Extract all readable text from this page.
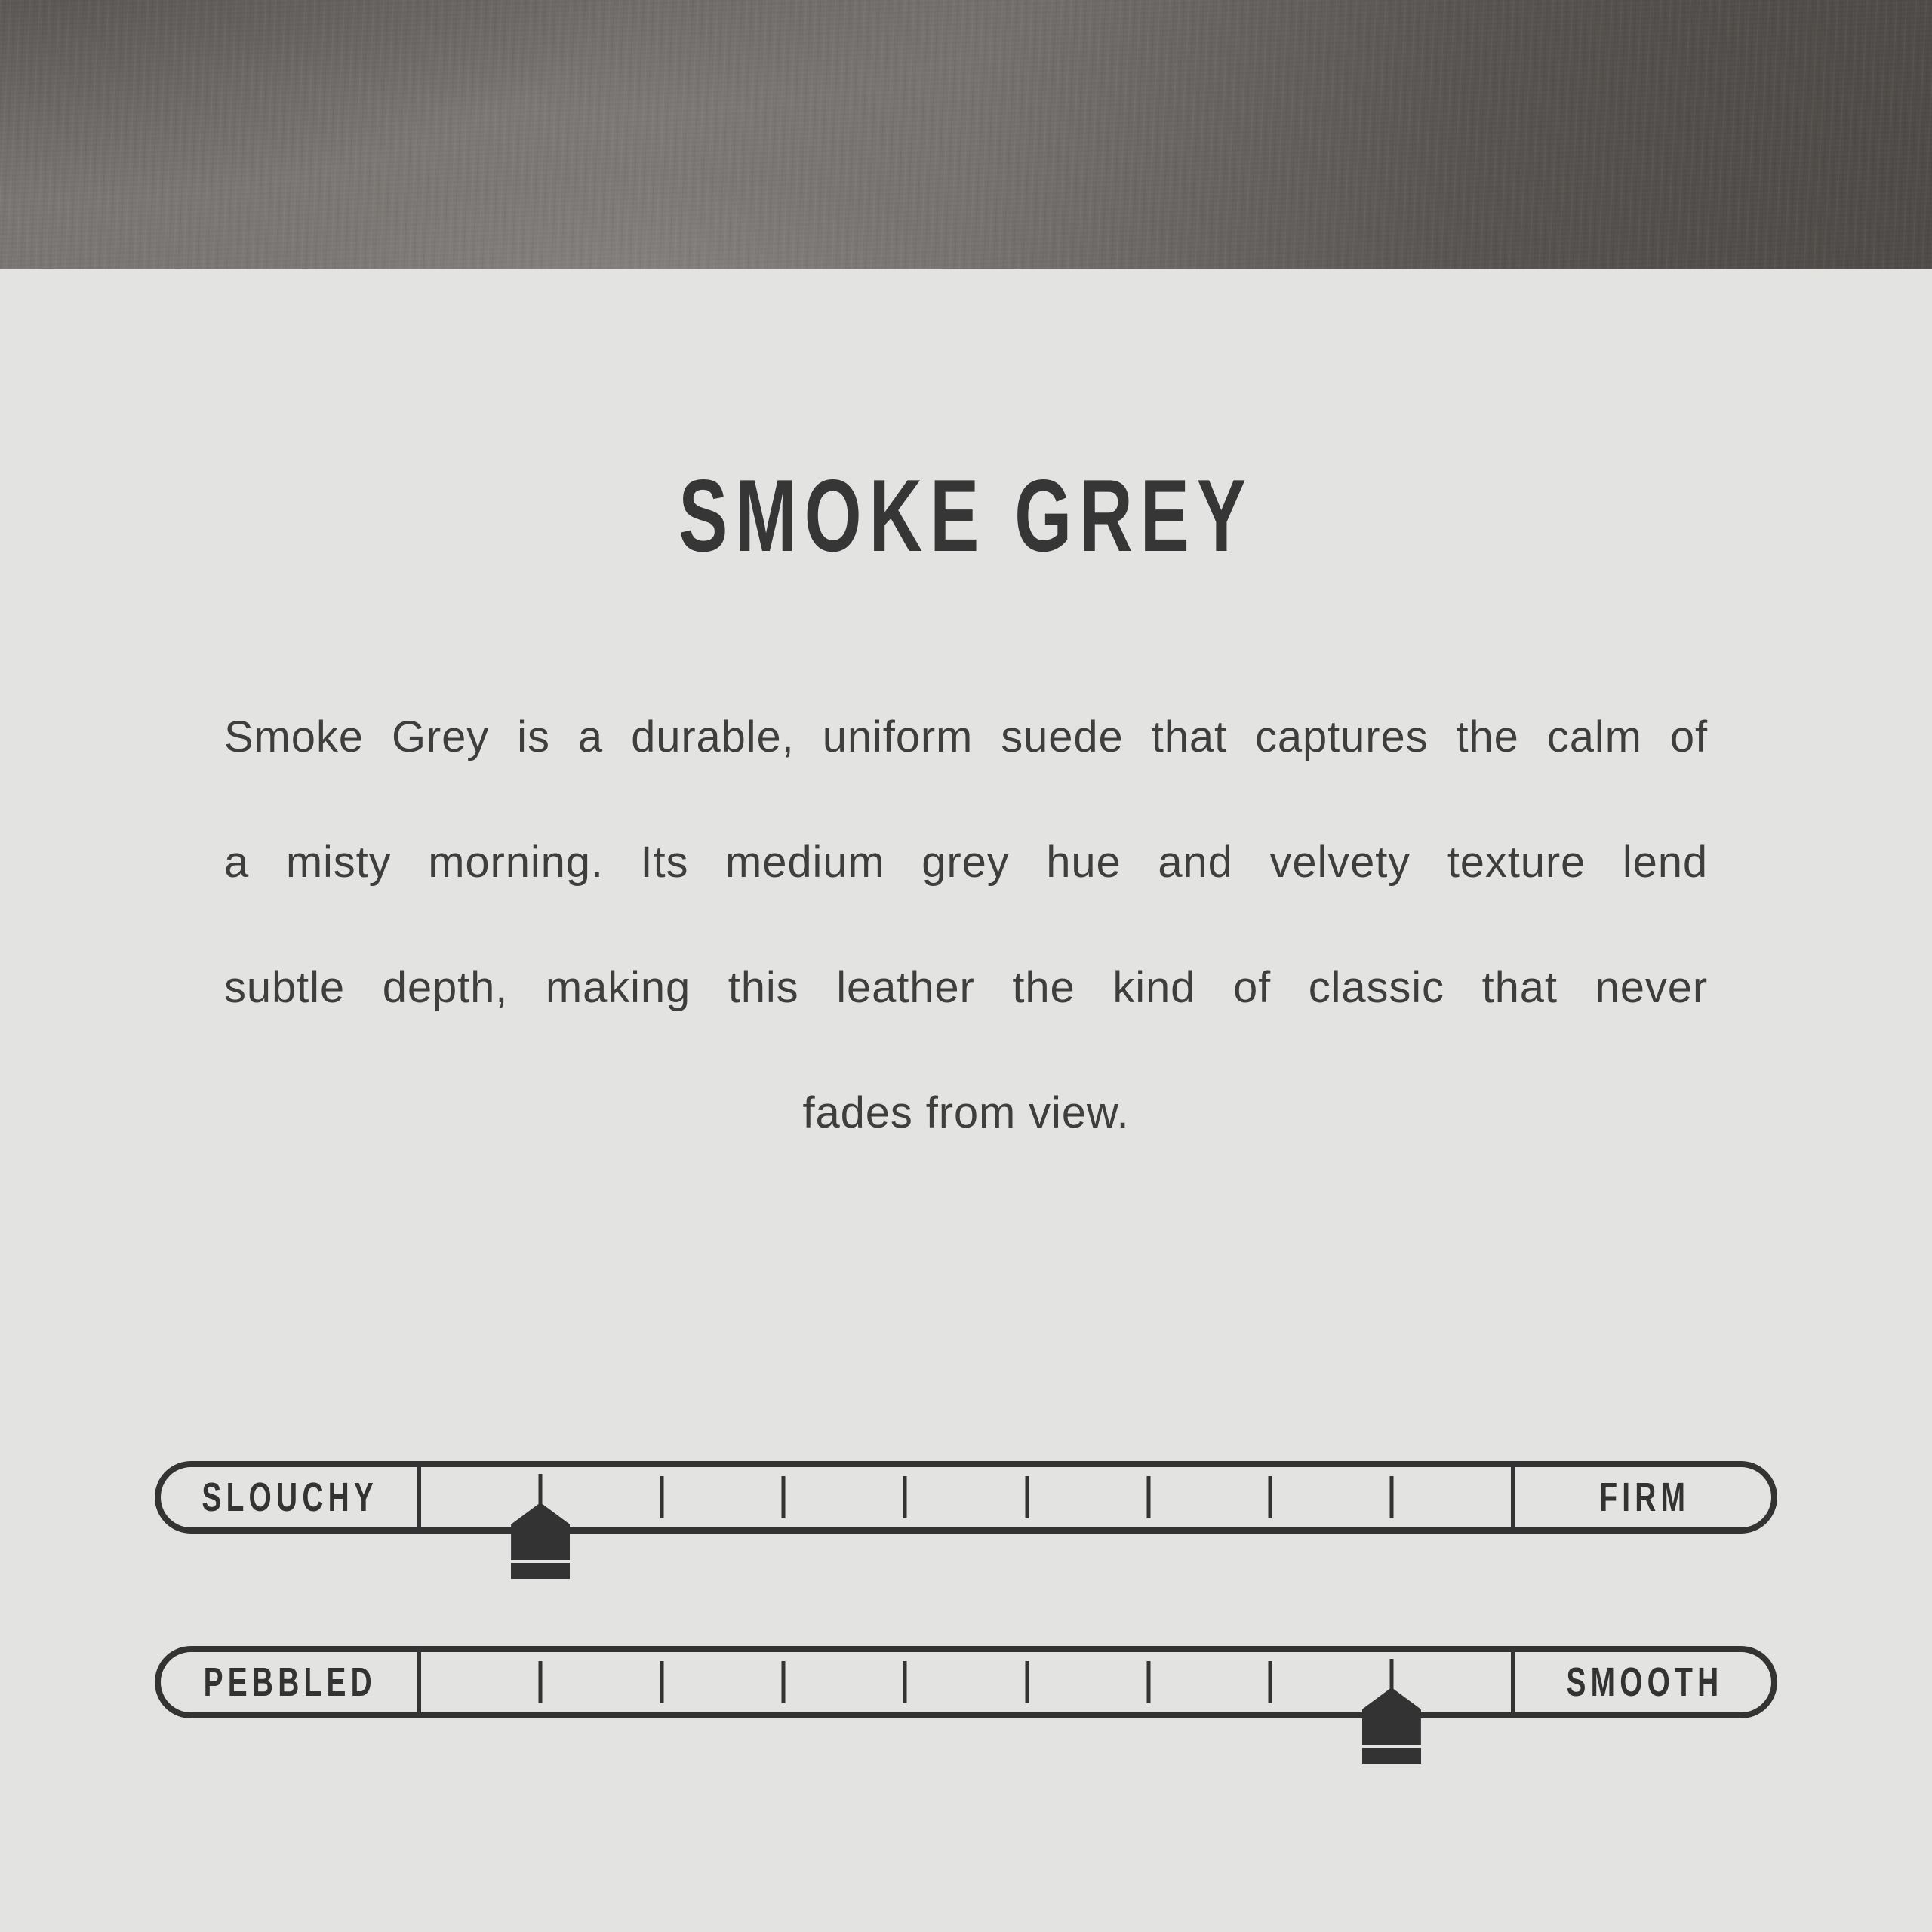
SMOKE GREY
Smoke Grey is a durable, uniform suede that captures the calm of
a misty morning. Its medium grey hue and velvety texture lend
subtle depth, making this leather the kind of classic that never
fades from view.
SLOUCHY	FIRM
PEBBLED	SMOOTH
